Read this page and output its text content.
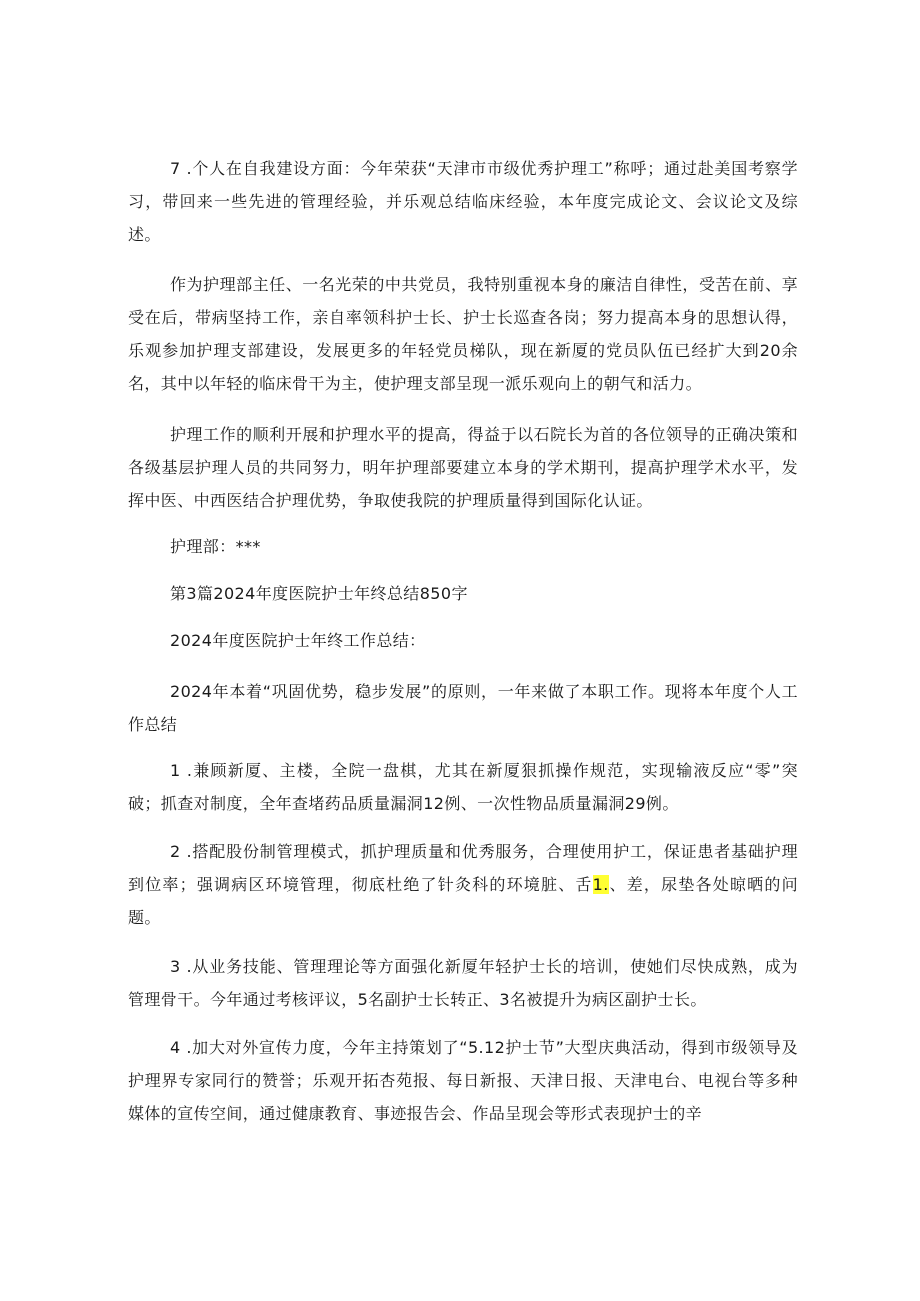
7 .个人在自我建设方面：今年荣获“天津市市级优秀护理工”称呼；通过赴美国考察学习，带回来一些先进的管理经验，并乐观总结临床经验，本年度完成论文、会议论文及综述。

作为护理部主任、一名光荣的中共党员，我特别重视本身的廉洁自律性，受苦在前、享受在后，带病坚持工作，亲自率领科护士长、护士长巡查各岗；努力提高本身的思想认得，乐观参加护理支部建设，发展更多的年轻党员梯队，现在新厦的党员队伍已经扩大到20余名，其中以年轻的临床骨干为主，使护理支部呈现一派乐观向上的朝气和活力。

护理工作的顺利开展和护理水平的提高，得益于以石院长为首的各位领导的正确决策和各级基层护理人员的共同努力，明年护理部要建立本身的学术期刊，提高护理学术水平，发挥中医、中西医结合护理优势，争取使我院的护理质量得到国际化认证。

护理部：***

第3篇2024年度医院护士年终总结850字

2024年度医院护士年终工作总结：

2024年本着“巩固优势，稳步发展”的原则，一年来做了本职工作。现将本年度个人工作总结

1 .兼顾新厦、主楼，全院一盘棋，尤其在新厦狠抓操作规范，实现输液反应“零”突破；抓查对制度，全年查堵药品质量漏洞12例、一次性物品质量漏洞29例。

2 .搭配股份制管理模式，抓护理质量和优秀服务，合理使用护工，保证患者基础护理到位率；强调病区环境管理，彻底杜绝了针灸科的环境脏、舌1.、差，尿垫各处晾晒的问题。

3 .从业务技能、管理理论等方面强化新厦年轻护士长的培训，使她们尽快成熟，成为管理骨干。今年通过考核评议，5名副护士长转正、3名被提升为病区副护士长。

4 .加大对外宣传力度，今年主持策划了“5.12护士节”大型庆典活动，得到市级领导及护理界专家同行的赞誉；乐观开拓杏苑报、每日新报、天津日报、天津电台、电视台等多种媒体的宣传空间，通过健康教育、事迹报告会、作品呈现会等形式表现护士的辛
